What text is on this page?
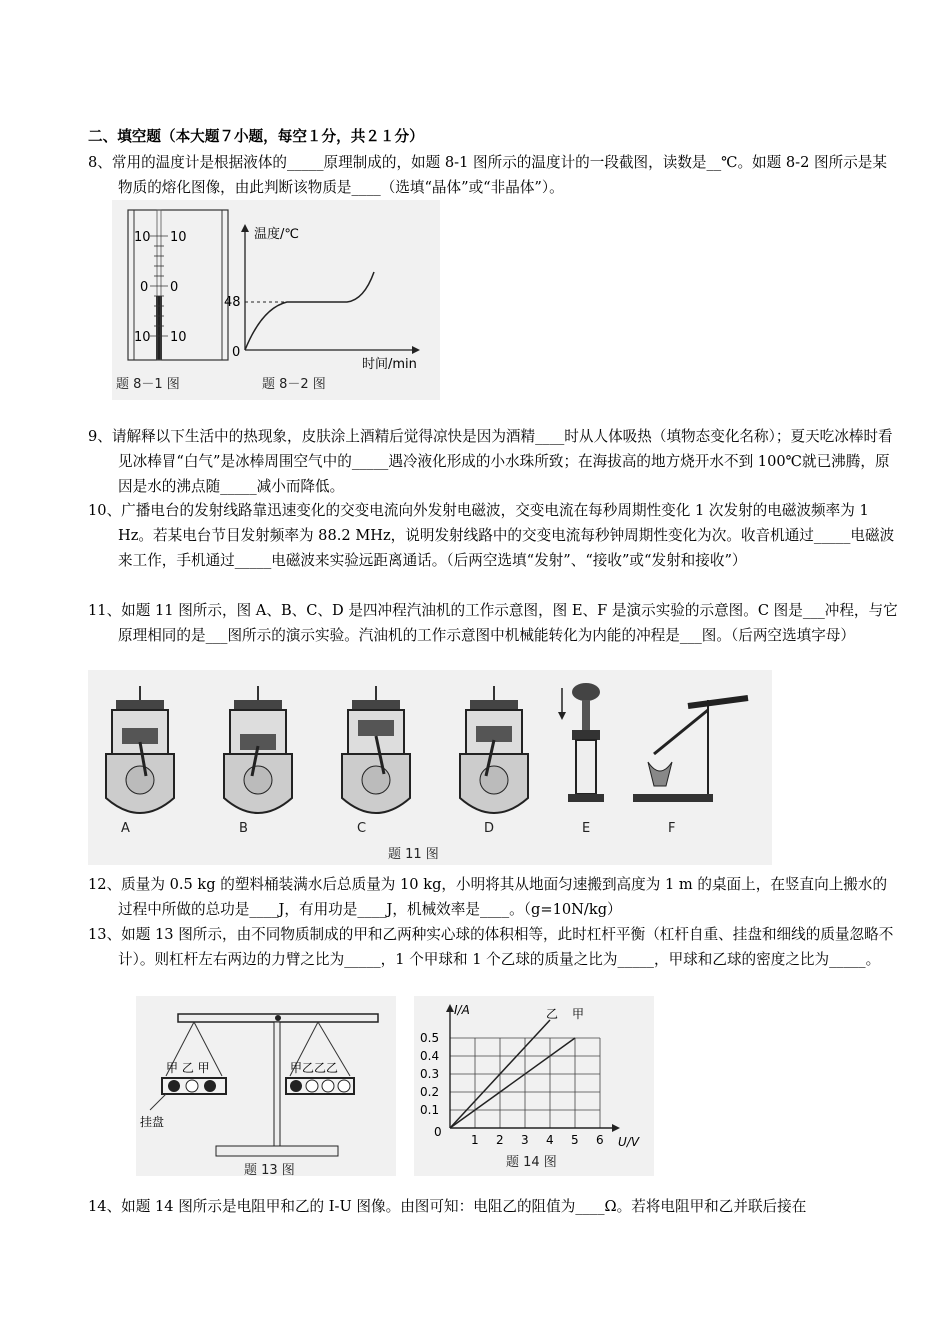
二、填空题（本大题７小题，每空１分，共２１分）
8、常用的温度计是根据液体的_____原理制成的，如题 8-1 图所示的温度计的一段截图，读数是__℃。如题 8-2 图所示是某物质的熔化图像，由此判断该物质是____（选填“晶体”或“非晶体”）。
10 10
0 0
10 10
温度/℃
时间/min
48
0
题 8－1 图	题 8－2 图
9、请解释以下生活中的热现象，皮肤涂上酒精后觉得凉快是因为酒精____时从人体吸热（填物态变化名称）；夏天吃冰棒时看见冰棒冒“白气”是冰棒周围空气中的_____遇冷液化形成的小水珠所致；在海拔高的地方烧开水不到 100℃就已沸腾，原因是水的沸点随_____减小而降低。
10、广播电台的发射线路靠迅速变化的交变电流向外发射电磁波，交变电流在每秒周期性变化 1 次发射的电磁波频率为 1 Hz。若某电台节目发射频率为 88.2 MHz，说明发射线路中的交变电流每秒钟周期性变化为次。收音机通过_____电磁波来工作，手机通过_____电磁波来实验远距离通话。（后两空选填“发射”、“接收”或“发射和接收”）
11、如题 11 图所示，图 A、B、C、D 是四冲程汽油机的工作示意图，图 E、F 是演示实验的示意图。C 图是___冲程，与它原理相同的是___图所示的演示实验。汽油机的工作示意图中机械能转化为内能的冲程是___图。（后两空选填字母）
A	B	C	D	E	F
题 11 图
12、质量为 0.5 kg 的塑料桶装满水后总质量为 10 kg，小明将其从地面匀速搬到高度为 1 m 的桌面上，在竖直向上搬水的过程中所做的总功是____J，有用功是____J，机械效率是____。（g=10N/kg）
13、如题 13 图所示，由不同物质制成的甲和乙两种实心球的体积相等，此时杠杆平衡（杠杆自重、挂盘和细线的质量忽略不计）。则杠杆左右两边的力臂之比为_____，1 个甲球和 1 个乙球的质量之比为_____，甲球和乙球的密度之比为_____。
甲 乙 甲	甲乙乙乙
挂盘
题 13 图
乙 甲
I/A
U/V
0.5
0.4
0.3
0.2
0.1
0
1 2 3 4 5 6
题 14 图
14、如题 14 图所示是电阻甲和乙的 I-U 图像。由图可知：电阻乙的阻值为____Ω。若将电阻甲和乙并联后接在
